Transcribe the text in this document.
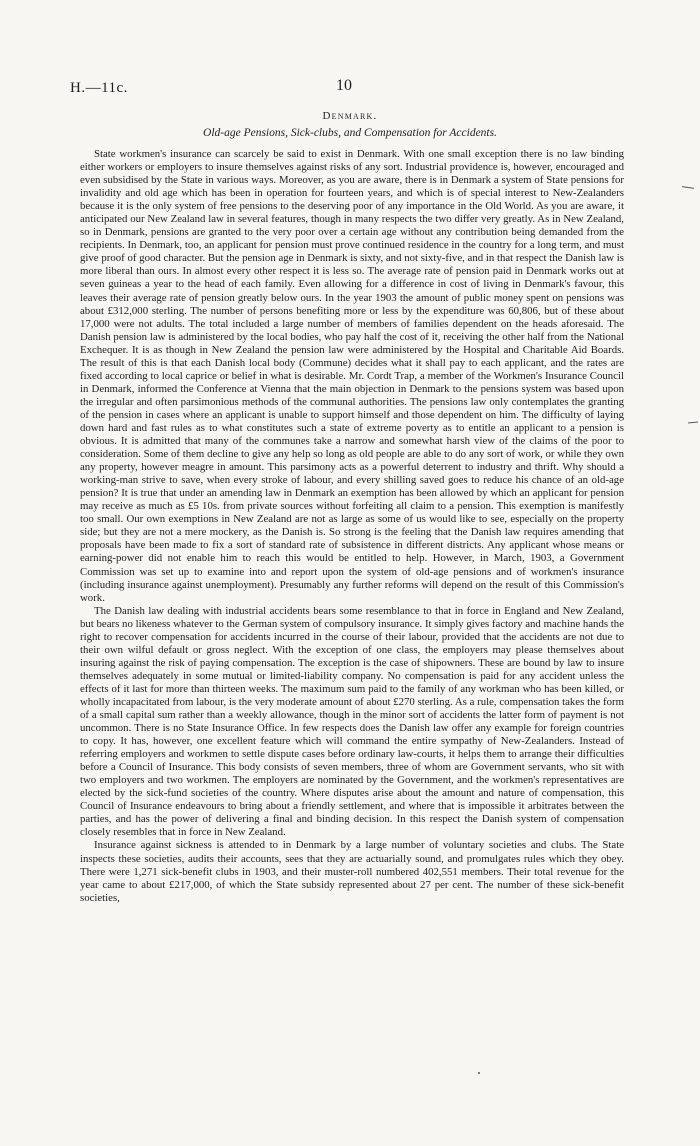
H.—11c.	10
Denmark.
Old-age Pensions, Sick-clubs, and Compensation for Accidents.

State workmen's insurance can scarcely be said to exist in Denmark. With one small exception there is no law binding either workers or employers to insure themselves against risks of any sort. Industrial providence is, however, encouraged and even subsidised by the State in various ways. Moreover, as you are aware, there is in Denmark a system of State pensions for invalidity and old age which has been in operation for fourteen years, and which is of special interest to New-Zealanders because it is the only system of free pensions to the deserving poor of any importance in the Old World. As you are aware, it anticipated our New Zealand law in several features, though in many respects the two differ very greatly. As in New Zealand, so in Denmark, pensions are granted to the very poor over a certain age without any contribution being demanded from the recipients. In Denmark, too, an applicant for pension must prove continued residence in the country for a long term, and must give proof of good character. But the pension age in Denmark is sixty, and not sixty-five, and in that respect the Danish law is more liberal than ours. In almost every other respect it is less so. The average rate of pension paid in Denmark works out at seven guineas a year to the head of each family. Even allowing for a difference in cost of living in Denmark's favour, this leaves their average rate of pension greatly below ours. In the year 1903 the amount of public money spent on pensions was about £312,000 sterling. The number of persons benefiting more or less by the expenditure was 60,806, but of these about 17,000 were not adults. The total included a large number of members of families dependent on the heads aforesaid. The Danish pension law is administered by the local bodies, who pay half the cost of it, receiving the other half from the National Exchequer. It is as though in New Zealand the pension law were administered by the Hospital and Charitable Aid Boards. The result of this is that each Danish local body (Commune) decides what it shall pay to each applicant, and the rates are fixed according to local caprice or belief in what is desirable. Mr. Cordt Trap, a member of the Workmen's Insurance Council in Denmark, informed the Conference at Vienna that the main objection in Denmark to the pensions system was based upon the irregular and often parsimonious methods of the communal authorities. The pensions law only contemplates the granting of the pension in cases where an applicant is unable to support himself and those dependent on him. The difficulty of laying down hard and fast rules as to what constitutes such a state of extreme poverty as to entitle an applicant to a pension is obvious. It is admitted that many of the communes take a narrow and somewhat harsh view of the claims of the poor to consideration. Some of them decline to give any help so long as old people are able to do any sort of work, or while they own any property, however meagre in amount. This parsimony acts as a powerful deterrent to industry and thrift. Why should a working-man strive to save, when every stroke of labour, and every shilling saved goes to reduce his chance of an old-age pension? It is true that under an amending law in Denmark an exemption has been allowed by which an applicant for pension may receive as much as £5 10s. from private sources without forfeiting all claim to a pension. This exemption is manifestly too small. Our own exemptions in New Zealand are not as large as some of us would like to see, especially on the property side; but they are not a mere mockery, as the Danish is. So strong is the feeling that the Danish law requires amending that proposals have been made to fix a sort of standard rate of subsistence in different districts. Any applicant whose means or earning-power did not enable him to reach this would be entitled to help. However, in March, 1903, a Government Commission was set up to examine into and report upon the system of old-age pensions and of workmen's insurance (including insurance against unemployment). Presumably any further reforms will depend on the result of this Commission's work.

The Danish law dealing with industrial accidents bears some resemblance to that in force in England and New Zealand, but bears no likeness whatever to the German system of compulsory insurance. It simply gives factory and machine hands the right to recover compensation for accidents incurred in the course of their labour, provided that the accidents are not due to their own wilful default or gross neglect. With the exception of one class, the employers may please themselves about insuring against the risk of paying compensation. The exception is the case of shipowners. These are bound by law to insure themselves adequately in some mutual or limited-liability company. No compensation is paid for any accident unless the effects of it last for more than thirteen weeks. The maximum sum paid to the family of any workman who has been killed, or wholly incapacitated from labour, is the very moderate amount of about £270 sterling. As a rule, compensation takes the form of a small capital sum rather than a weekly allowance, though in the minor sort of accidents the latter form of payment is not uncommon. There is no State Insurance Office. In few respects does the Danish law offer any example for foreign countries to copy. It has, however, one excellent feature which will command the entire sympathy of New-Zealanders. Instead of referring employers and workmen to settle dispute cases before ordinary law-courts, it helps them to arrange their difficulties before a Council of Insurance. This body consists of seven members, three of whom are Government servants, who sit with two employers and two workmen. The employers are nominated by the Government, and the workmen's representatives are elected by the sick-fund societies of the country. Where disputes arise about the amount and nature of compensation, this Council of Insurance endeavours to bring about a friendly settlement, and where that is impossible it arbitrates between the parties, and has the power of delivering a final and binding decision. In this respect the Danish system of compensation closely resembles that in force in New Zealand.

Insurance against sickness is attended to in Denmark by a large number of voluntary societies and clubs. The State inspects these societies, audits their accounts, sees that they are actuarially sound, and promulgates rules which they obey. There were 1,271 sick-benefit clubs in 1903, and their muster-roll numbered 402,551 members. Their total revenue for the year came to about £217,000, of which the State subsidy represented about 27 per cent. The number of these sick-benefit societies,
